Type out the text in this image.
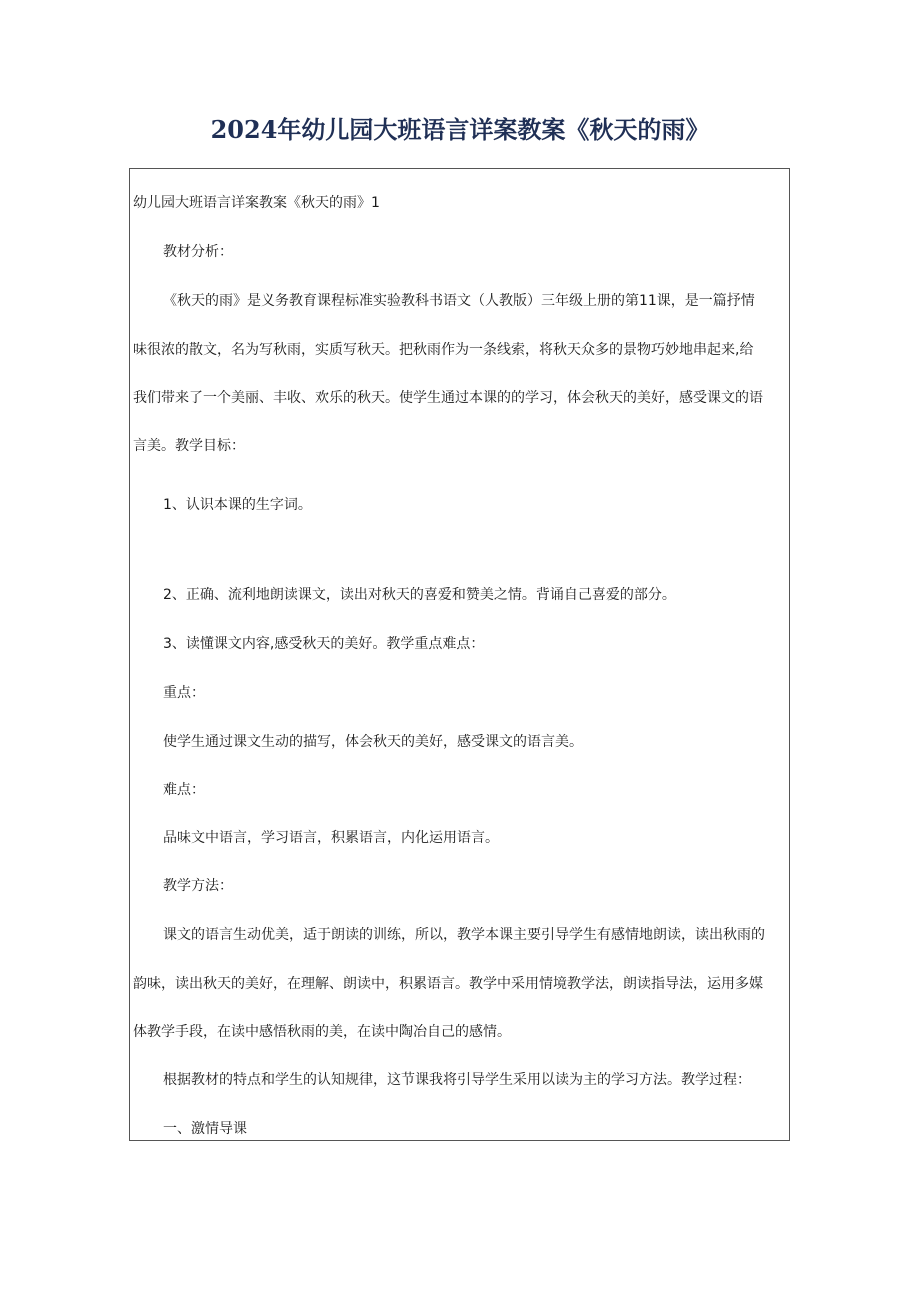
2024年幼儿园大班语言详案教案《秋天的雨》

幼儿园大班语言详案教案《秋天的雨》1

教材分析：

《秋天的雨》是义务教育课程标准实验教科书语文（人教版）三年级上册的第11课，是一篇抒情

味很浓的散文，名为写秋雨，实质写秋天。把秋雨作为一条线索，将秋天众多的景物巧妙地串起来,给

我们带来了一个美丽、丰收、欢乐的秋天。使学生通过本课的的学习，体会秋天的美好，感受课文的语

言美。教学目标：

1、认识本课的生字词。

2、正确、流利地朗读课文，读出对秋天的喜爱和赞美之情。背诵自己喜爱的部分。

3、读懂课文内容,感受秋天的美好。教学重点难点：

重点：

使学生通过课文生动的描写，体会秋天的美好，感受课文的语言美。

难点：

品味文中语言，学习语言，积累语言，内化运用语言。

教学方法：

课文的语言生动优美，适于朗读的训练，所以，教学本课主要引导学生有感情地朗读，读出秋雨的

韵味，读出秋天的美好，在理解、朗读中，积累语言。教学中采用情境教学法，朗读指导法，运用多媒

体教学手段，在读中感悟秋雨的美，在读中陶冶自己的感情。

根据教材的特点和学生的认知规律，这节课我将引导学生采用以读为主的学习方法。教学过程：

一、激情导课
